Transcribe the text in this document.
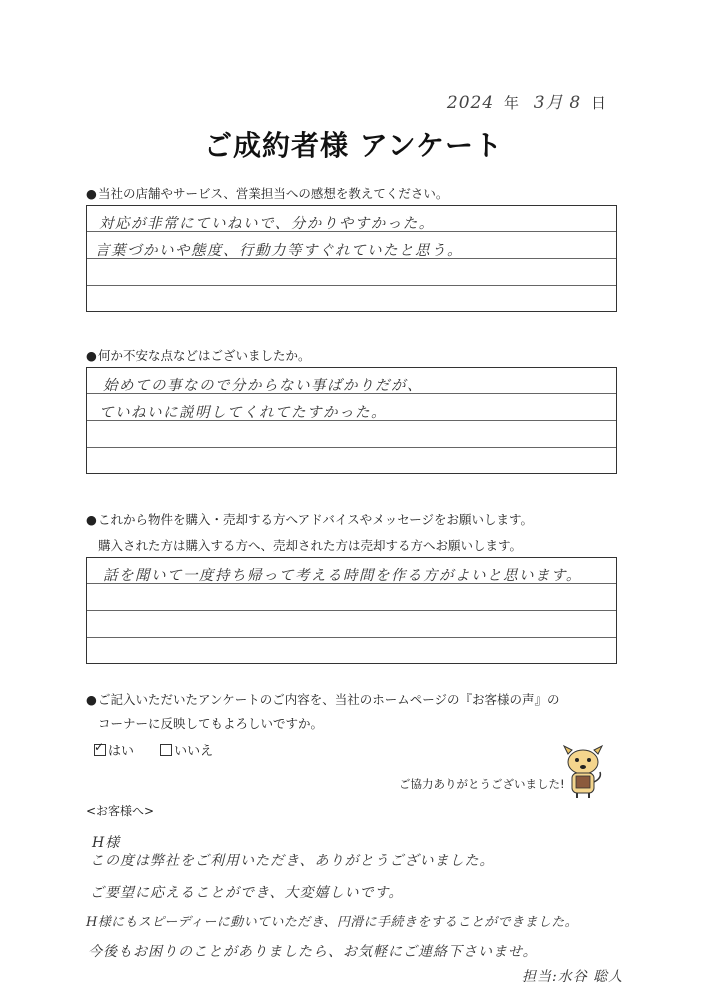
2024 年 3月 8 日
ご成約者様 アンケート
●当社の店舗やサービス、営業担当への感想を教えてください。
対応が非常にていねいで、分かりやすかった。
言葉づかいや態度、行動力等すぐれていたと思う。
●何か不安な点などはございましたか。
始めての事なので分からない事ばかりだが、
ていねいに説明してくれてたすかった。
●これから物件を購入・売却する方へアドバイスやメッセージをお願いします。
購入された方は購入する方へ、売却された方は売却する方へお願いします。
話を聞いて一度持ち帰って考える時間を作る方がよいと思います。
●ご記入いただいたアンケートのご内容を、当社のホームページの『お客様の声』の
コーナーに反映してもよろしいですか。
✓はい	いいえ
ご協力ありがとうございました!
<お客様へ>
H様
この度は弊社をご利用いただき、ありがとうございました。
ご要望に応えることができ、大変嬉しいです。
H様にもスピーディーに動いていただき、円滑に手続きをすることができました。
今後もお困りのことがありましたら、お気軽にご連絡下さいませ。
担当:水谷 聡人
